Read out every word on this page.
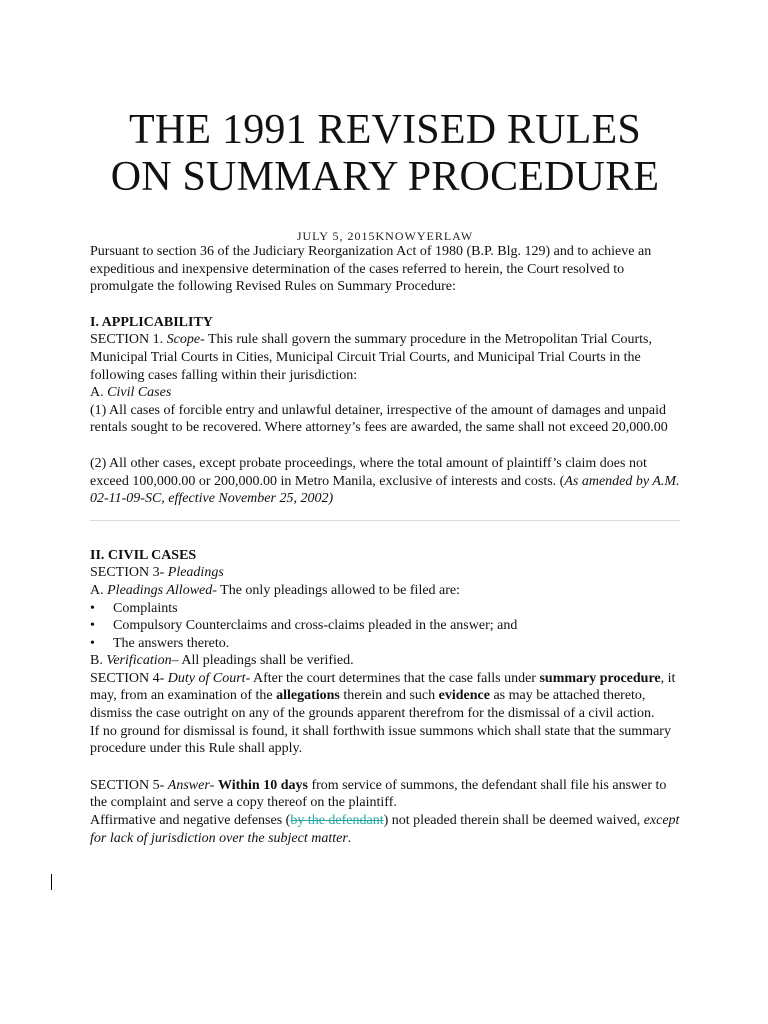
THE 1991 REVISED RULES
ON SUMMARY PROCEDURE
JULY 5, 2015KNOWYERLAW

Pursuant to section 36 of the Judiciary Reorganization Act of 1980 (B.P. Blg. 129) and to achieve an expeditious and inexpensive determination of the cases referred to herein, the Court resolved to promulgate the following Revised Rules on Summary Procedure:

I. APPLICABILITY

SECTION 1. Scope- This rule shall govern the summary procedure in the Metropolitan Trial Courts, Municipal Trial Courts in Cities, Municipal Circuit Trial Courts, and Municipal Trial Courts in the following cases falling within their jurisdiction:

A. Civil Cases

(1) All cases of forcible entry and unlawful detainer, irrespective of the amount of damages and unpaid rentals sought to be recovered. Where attorney’s fees are awarded, the same shall not exceed 20,000.00

(2) All other cases, except probate proceedings, where the total amount of plaintiff’s claim does not exceed 100,000.00 or 200,000.00 in Metro Manila, exclusive of interests and costs. (As amended by A.M. 02-11-09-SC, effective November 25, 2002)

II. CIVIL CASES

SECTION 3- Pleadings

A. Pleadings Allowed- The only pleadings allowed to be filed are:

• Complaints
• Compulsory Counterclaims and cross-claims pleaded in the answer; and
• The answers thereto.

B. Verification– All pleadings shall be verified.

SECTION 4- Duty of Court- After the court determines that the case falls under summary procedure, it may, from an examination of the allegations therein and such evidence as may be attached thereto, dismiss the case outright on any of the grounds apparent therefrom for the dismissal of a civil action.

If no ground for dismissal is found, it shall forthwith issue summons which shall state that the summary procedure under this Rule shall apply.

SECTION 5- Answer- Within 10 days from service of summons, the defendant shall file his answer to the complaint and serve a copy thereof on the plaintiff.

Affirmative and negative defenses (by the defendant) not pleaded therein shall be deemed waived, except for lack of jurisdiction over the subject matter.
